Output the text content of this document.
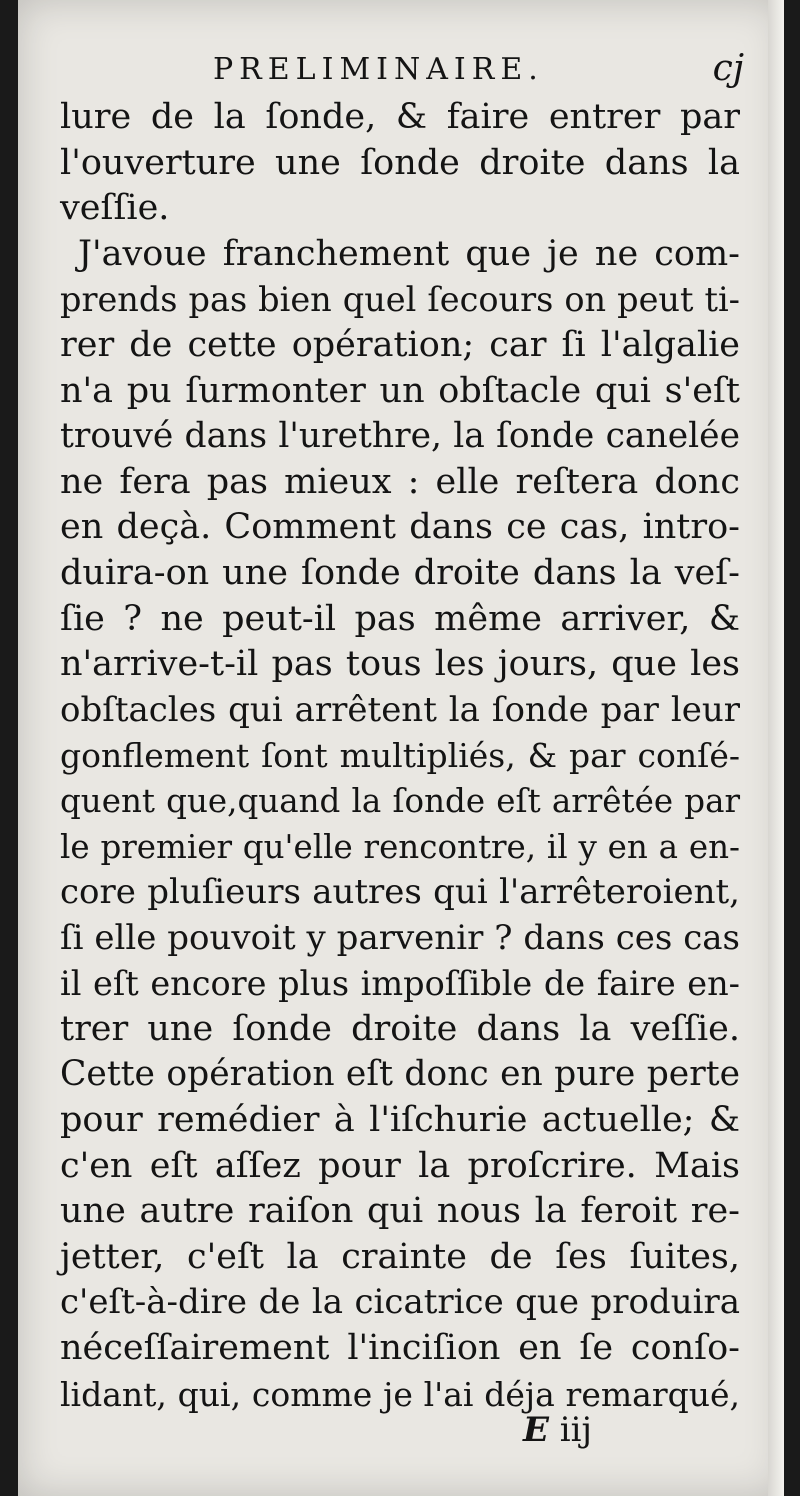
PRELIMINAIRE.	cj
lure de la ſonde, & faire entrer par
l'ouverture une ſonde droite dans la
veſſie.
J'avoue franchement que je ne com-
prends pas bien quel ſecours on peut ti-
rer de cette opération; car ſi l'algalie
n'a pu ſurmonter un obſtacle qui s'eſt
trouvé dans l'urethre, la ſonde canelée
ne fera pas mieux : elle reſtera donc
en deçà. Comment dans ce cas, intro-
duira-on une ſonde droite dans la veſ-
ſie ? ne peut-il pas même arriver, &
n'arrive-t-il pas tous les jours, que les
obſtacles qui arrêtent la ſonde par leur
gonflement ſont multipliés, & par conſé-
quent que,quand la ſonde eſt arrêtée par
le premier qu'elle rencontre, il y en a en-
core pluſieurs autres qui l'arrêteroient,
ſi elle pouvoit y parvenir ? dans ces cas
il eſt encore plus impoſſible de faire en-
trer une ſonde droite dans la veſſie.
Cette opération eſt donc en pure perte
pour remédier à l'iſchurie actuelle; &
c'en eſt aſſez pour la proſcrire. Mais
une autre raiſon qui nous la feroit re-
jetter, c'eſt la crainte de ſes ſuites,
c'eſt-à-dire de la cicatrice que produira
néceſſairement l'inciſion en ſe conſo-
lidant, qui, comme je l'ai déja remarqué,
E iij
